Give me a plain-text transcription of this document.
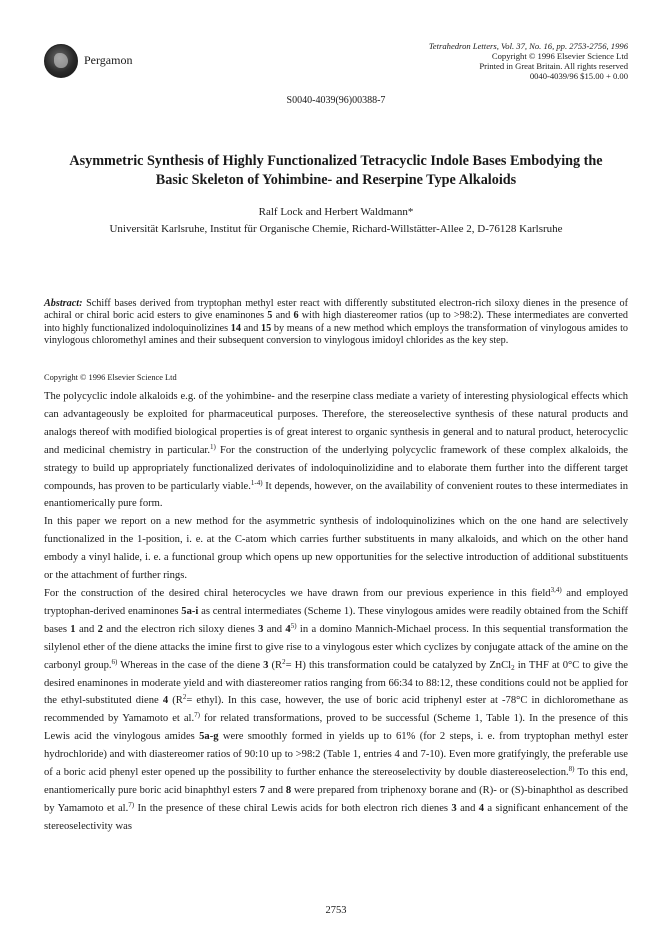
Pergamon
Tetrahedron Letters, Vol. 37, No. 16, pp. 2753-2756, 1996
Copyright © 1996 Elsevier Science Ltd
Printed in Great Britain. All rights reserved
0040-4039/96 $15.00 + 0.00
S0040-4039(96)00388-7
Asymmetric Synthesis of Highly Functionalized Tetracyclic Indole Bases Embodying the Basic Skeleton of Yohimbine- and Reserpine Type Alkaloids
Ralf Lock and Herbert Waldmann*
Universität Karlsruhe, Institut für Organische Chemie, Richard-Willstätter-Allee 2, D-76128 Karlsruhe
Abstract: Schiff bases derived from tryptophan methyl ester react with differently substituted electron-rich siloxy dienes in the presence of achiral or chiral boric acid esters to give enaminones 5 and 6 with high diastereomer ratios (up to >98:2). These intermediates are converted into highly functionalized indoloquinolizines 14 and 15 by means of a new method which employs the transformation of vinylogous amides to vinylogous chloromethyl amines and their subsequent conversion to vinylogous imidoyl chlorides as the key step.
Copyright © 1996 Elsevier Science Ltd

The polycyclic indole alkaloids e.g. of the yohimbine- and the reserpine class mediate a variety of interesting physiological effects which can advantageously be exploited for pharmaceutical purposes. Therefore, the stereoselective synthesis of these natural products and analogs thereof with modified biological properties is of great interest to organic synthesis in general and to natural product, heterocyclic and medicinal chemistry in particular.$^{1)}$ For the construction of the underlying polycyclic framework of these complex alkaloids, the strategy to build up appropriately functionalized derivates of indoloquinolizidine and to elaborate them further into the different target compounds, has proven to be particularly viable.$^{1-4)}$ It depends, however, on the availability of convenient routes to these intermediates in enantiomerically pure form.

In this paper we report on a new method for the asymmetric synthesis of indoloquinolizines which on the one hand are selectively functionalized in the 1-position, i. e. at the C-atom which carries further substituents in many alkaloids, and which on the other hand embody a vinyl halide, i. e. a functional group which opens up new opportunities for the selective introduction of additional substituents or the attachment of further rings.

For the construction of the desired chiral heterocycles we have drawn from our previous experience in this field$^{3,4)}$ and employed tryptophan-derived enaminones 5a-i as central intermediates (Scheme 1). These vinylogous amides were readily obtained from the Schiff bases 1 and 2 and the electron rich siloxy dienes 3 and 4$^{5)}$ in a domino Mannich-Michael process. In this sequential transformation the silylenol ether of the diene attacks the imine first to give rise to a vinylogous ester which cyclizes by conjugate attack of the amine on the carbonyl group.$^{6)}$ Whereas in the case of the diene 3 $(R^2= H)$ this transformation could be catalyzed by ZnCl$_2$ in THF at 0°C to give the desired enaminones in moderate yield and with diastereomer ratios ranging from 66:34 to 88:12, these conditions could not be applied for the ethyl-substituted diene 4 ($R^2=$ ethyl). In this case, however, the use of boric acid triphenyl ester at -78°C in dichloromethane as recommended by Yamamoto et al.$^{7)}$ for related transformations, proved to be successful (Scheme 1, Table 1). In the presence of this Lewis acid the vinylogous amides 5a-g were smoothly formed in yields up to 61% (for 2 steps, i. e. from tryptophan methyl ester hydrochloride) and with diastereomer ratios of 90:10 up to >98:2 (Table 1, entries 4 and 7-10). Even more gratifyingly, the preferable use of a boric acid phenyl ester opened up the possibility to further enhance the stereoselectivity by double diastereoselection.$^{8)}$ To this end, enantiomerically pure boric acid binaphthyl esters 7 and 8 were prepared from triphenoxy borane and (R)- or (S)-binaphthol as described by Yamamoto et al.$^{7)}$ In the presence of these chiral Lewis acids for both electron rich dienes 3 and 4 a significant enhancement of the stereoselectivity was

2753
